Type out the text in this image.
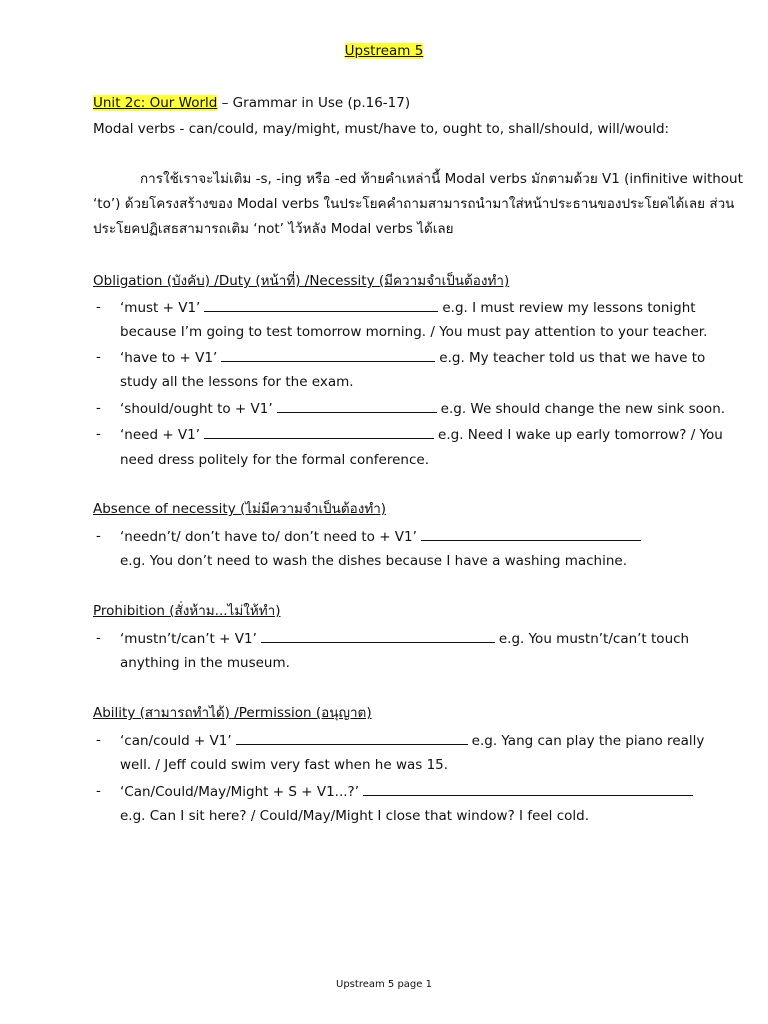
Upstream 5
Unit 2c: Our World – Grammar in Use (p.16-17)
Modal verbs - can/could, may/might, must/have to, ought to, shall/should, will/would:
การใช้เราจะไม่เติม -s, -ing หรือ -ed ท้ายคำเหล่านี้ Modal verbs มักตามด้วย V1 (infinitive without
‘to’) ด้วยโครงสร้างของ Modal verbs ในประโยคคำถามสามารถนำมาใส่หน้าประธานของประโยคได้เลย ส่วน
ประโยคปฏิเสธสามารถเติม ‘not’ ไว้หลัง Modal verbs ได้เลย
Obligation (บังคับ) /Duty (หน้าที่) /Necessity (มีความจำเป็นต้องทำ)
- ‘must + V1’	e.g. I must review my lessons tonight
because I’m going to test tomorrow morning. / You must pay attention to your teacher.
- ‘have to + V1’	e.g. My teacher told us that we have to
study all the lessons for the exam.
- ‘should/ought to + V1’	e.g. We should change the new sink soon.
- ‘need + V1’	e.g. Need I wake up early tomorrow? / You
need dress politely for the formal conference.
Absence of necessity (ไม่มีความจำเป็นต้องทำ)
- ‘needn’t/ don’t have to/ don’t need to + V1’
e.g. You don’t need to wash the dishes because I have a washing machine.
Prohibition (สั่งห้าม...ไม่ให้ทำ)
- ‘mustn’t/can’t + V1’	e.g. You mustn’t/can’t touch
anything in the museum.
Ability (สามารถทำได้) /Permission (อนุญาต)
- ‘can/could + V1’	e.g. Yang can play the piano really
well. / Jeff could swim very fast when he was 15.
- ‘Can/Could/May/Might + S + V1...?’
e.g. Can I sit here? / Could/May/Might I close that window? I feel cold.
Upstream 5 page 1
